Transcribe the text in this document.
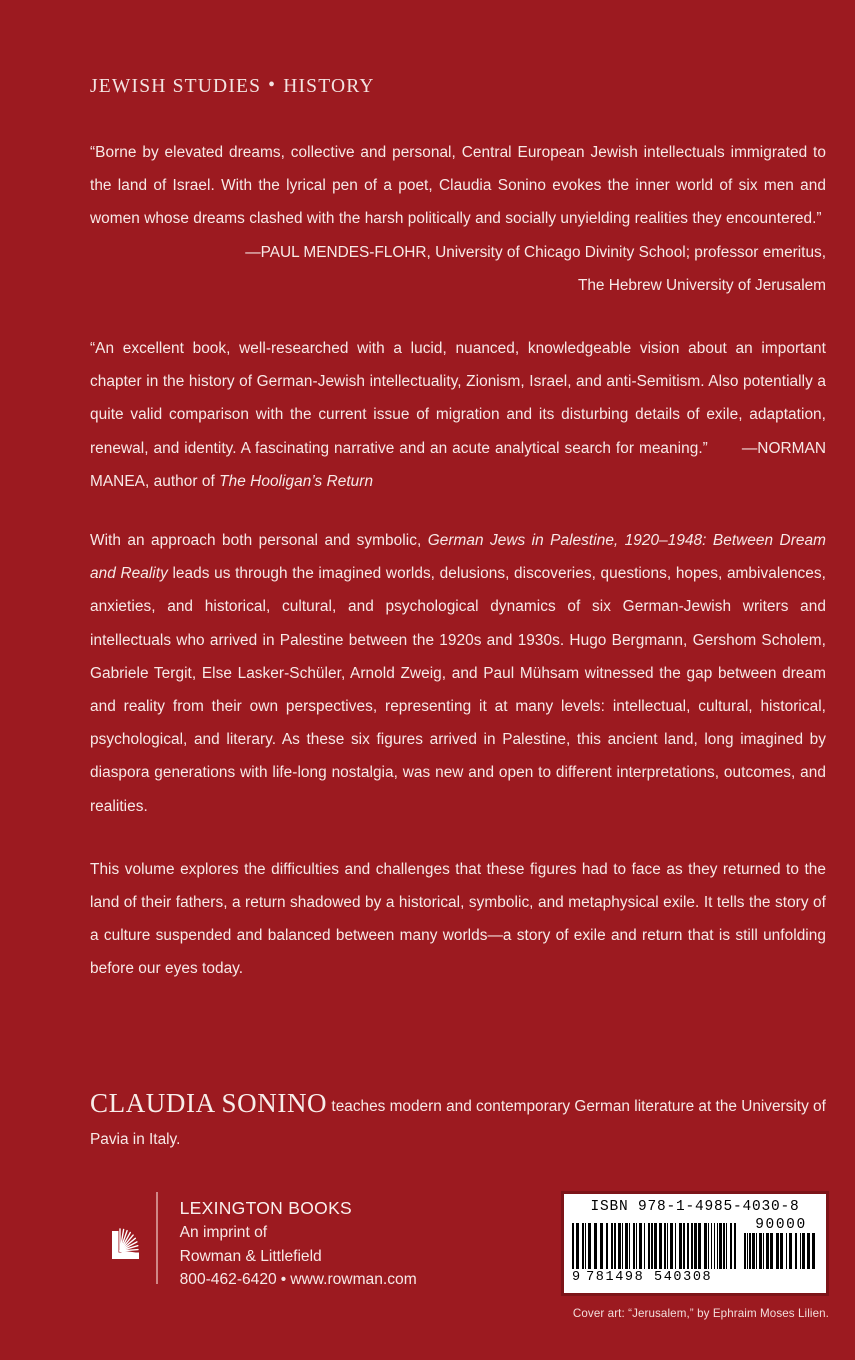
JEWISH STUDIES • HISTORY

“Borne by elevated dreams, collective and personal, Central European Jewish intellectuals immigrated to the land of Israel. With the lyrical pen of a poet, Claudia Sonino evokes the inner world of six men and women whose dreams clashed with the harsh politically and socially unyielding realities they encountered.”

—PAUL MENDES-FLOHR, University of Chicago Divinity School; professor emeritus,

The Hebrew University of Jerusalem

“An excellent book, well-researched with a lucid, nuanced, knowledgeable vision about an important chapter in the history of German-Jewish intellectuality, Zionism, Israel, and anti-Semitism. Also potentially a quite valid comparison with the current issue of migration and its disturbing details of exile, adaptation, renewal, and identity. A fascinating narrative and an acute analytical search for meaning.” —NORMAN MANEA, author of The Hooligan’s Return

With an approach both personal and symbolic, German Jews in Palestine, 1920–1948: Between Dream and Reality leads us through the imagined worlds, delusions, discoveries, questions, hopes, ambivalences, anxieties, and historical, cultural, and psychological dynamics of six German-Jewish writers and intellectuals who arrived in Palestine between the 1920s and 1930s. Hugo Bergmann, Gershom Scholem, Gabriele Tergit, Else Lasker-Schüler, Arnold Zweig, and Paul Mühsam witnessed the gap between dream and reality from their own perspectives, representing it at many levels: intellectual, cultural, historical, psychological, and literary. As these six figures arrived in Palestine, this ancient land, long imagined by diaspora generations with life-long nostalgia, was new and open to different interpretations, outcomes, and realities.

This volume explores the difficulties and challenges that these figures had to face as they returned to the land of their fathers, a return shadowed by a historical, symbolic, and metaphysical exile. It tells the story of a culture suspended and balanced between many worlds—a story of exile and return that is still unfolding before our eyes today.

CLAUDIA SONINO teaches modern and contemporary German literature at the University of Pavia in Italy.
LEXINGTON BOOKS
An imprint of
Rowman & Littlefield
800-462-6420 • www.rowman.com
ISBN 978-1-4985-4030-8
90000
9 781498 540308
Cover art: “Jerusalem,” by Ephraim Moses Lilien.
